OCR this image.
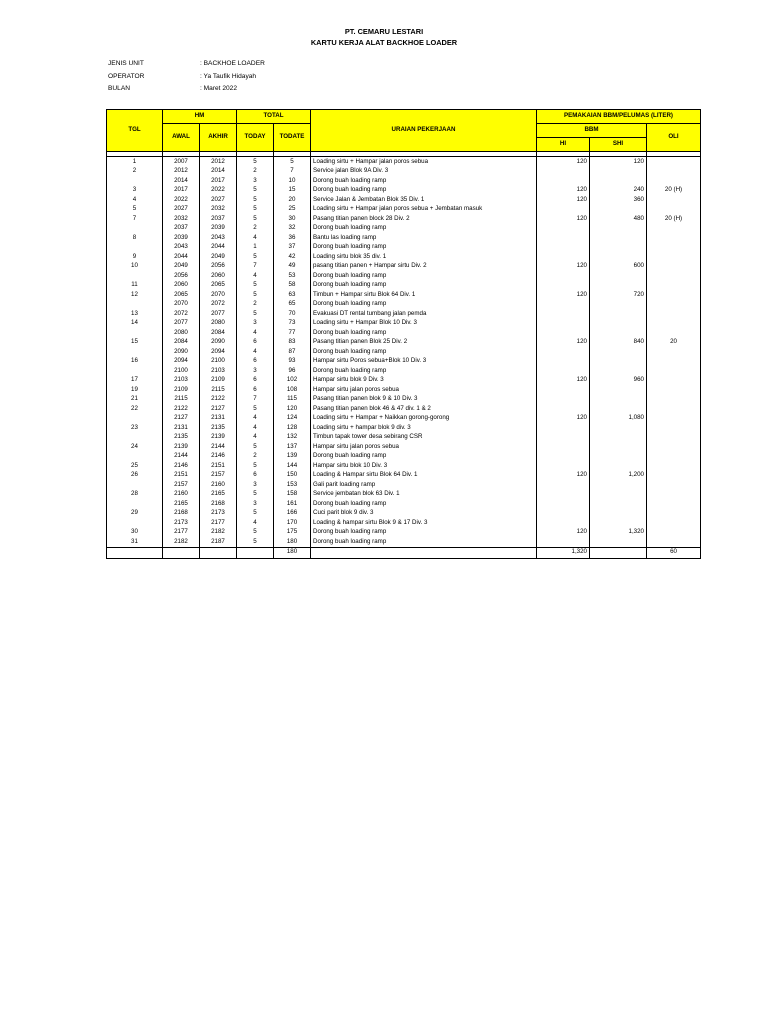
PT. CEMARU LESTARI
KARTU KERJA ALAT BACKHOE LOADER
JENIS UNIT	: BACKHOE LOADER
OPERATOR	: Ya Taufik Hidayah
BULAN	: Maret 2022
TGL	HM		TOTAL		URAIAN PEKERJAAN	PEMAKAIAN BBM/PELUMAS (LITER)		
	AWAL	AKHIR	TODAY	TODATE		BBM		OLI
						HI	SHI	

1	2007	2012	5	5	Loading sirtu + Hampar jalan poros sebua	120	120	
2	2012	2014	2	7	Service jalan Blok 9A Div. 3			
	2014	2017	3	10	Dorong buah loading ramp			
3	2017	2022	5	15	Dorong buah loading ramp	120	240	20 (H)
4	2022	2027	5	20	Service Jalan & Jembatan Blok 35 Div. 1	120	360	
5	2027	2032	5	25	Loading sirtu + Hampar jalan poros sebua + Jembatan masuk			
7	2032	2037	5	30	Pasang titian panen block 28 Div. 2	120	480	20 (H)
	2037	2039	2	32	Dorong buah loading ramp			
8	2039	2043	4	36	Bantu las loading ramp			
	2043	2044	1	37	Dorong buah loading ramp			
9	2044	2049	5	42	Loading sirtu blok 35 div. 1			
10	2049	2056	7	49	pasang titian panen + Hampar sirtu Div. 2	120	600	
	2056	2060	4	53	Dorong buah loading ramp			
11	2060	2065	5	58	Dorong buah loading ramp			
12	2065	2070	5	63	Timbun + Hampar sirtu Blok 64 Div. 1	120	720	
	2070	2072	2	65	Dorong buah loading ramp			
13	2072	2077	5	70	Evakuasi DT rental tumbang jalan pemda			
14	2077	2080	3	73	Loading sirtu + Hampar Blok 10 Div. 3			
	2080	2084	4	77	Dorong buah loading ramp			
15	2084	2090	6	83	Pasang titian panen Blok 25 Div. 2	120	840	20
	2090	2094	4	87	Dorong buah loading ramp			
16	2094	2100	6	93	Hampar sirtu Poros sebua+Blok 10 Div. 3			
	2100	2103	3	96	Dorong buah loading ramp			
17	2103	2109	6	102	Hampar sirtu blok 9 Div. 3	120	960	
19	2109	2115	6	108	Hampar sirtu jalan poros sebua			
21	2115	2122	7	115	Pasang titian panen blok 9 & 10 Div. 3			
22	2122	2127	5	120	Pasang titian panen blok 46 & 47 div. 1 & 2			
	2127	2131	4	124	Loading sirtu + Hampar + Naikkan gorong-gorong	120	1,080	
23	2131	2135	4	128	Loading sirtu + hampar blok 9 div. 3			
	2135	2139	4	132	Timbun tapak tower desa sebirang CSR			
24	2139	2144	5	137	Hampar sirtu jalan poros sebua			
	2144	2146	2	139	Dorong buah loading ramp			
25	2146	2151	5	144	Hampar sirtu blok 10 Div. 3			
26	2151	2157	6	150	Loading & Hampar sirtu Blok 64 Div. 1	120	1,200	
	2157	2160	3	153	Gali parit loading ramp			
28	2160	2165	5	158	Service jembatan blok 63 Div. 1			
	2165	2168	3	161	Dorong buah loading ramp			
29	2168	2173	5	166	Cuci parit blok 9 div. 3			
	2173	2177	4	170	Loading & hampar sirtu Blok 9 & 17 Div. 3			
30	2177	2182	5	175	Dorong buah loading ramp	120	1,320	
31	2182	2187	5	180	Dorong buah loading ramp			
				180		1,320		60
